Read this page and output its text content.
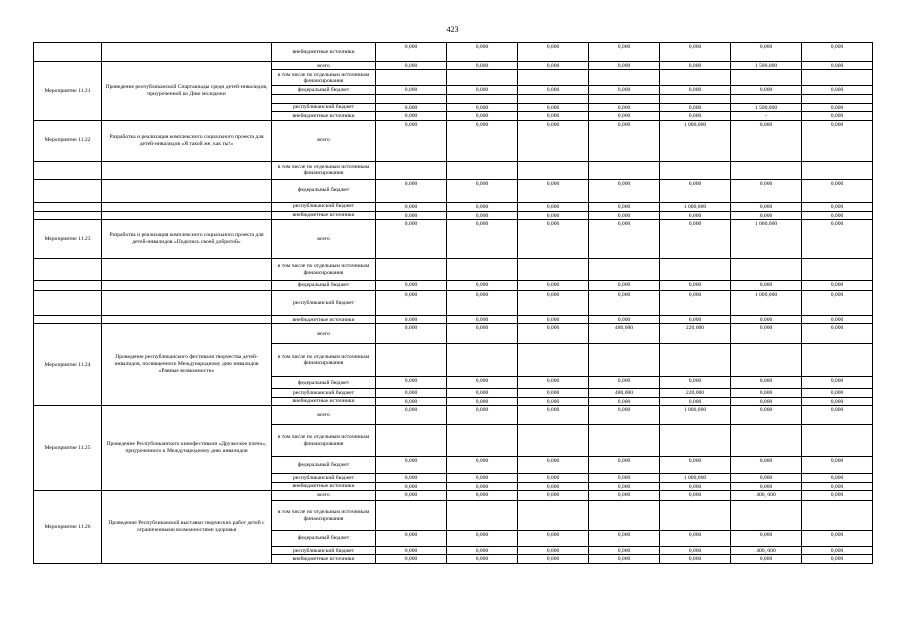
423
		внебюджетные источники	0,000	0,000	0,000	0,000	0,000	0,000	0,000
Мероприятие 11.21	Проведение республиканской Спартакиады среди детей-инвалидов, приуроченной ко Дню молодежи	всего	0,000	0,000	0,000	0,000	0,000	1 500,000	0,000
		в том числе по отдельным источникам финансирования							
		федеральный бюджет	0,000	0,000	0,000	0,000	0,000	0,000	0,000

		республиканский бюджет	0,000	0,000	0,000	0,000	0,000	1 500,000	0,000
		внебюджетные источники	0,000	0,000	0,000	0,000	0,000	-	0,000
Мероприятие 11.22	Разработка и реализация комплексного социального проекта для детей-инвалидов «Я такой же, как ты!»	всего	0,000	0,000	0,000	0,000	1 000,000	0,000	0,000
		в том числе по отдельным источникам финансирования							
		федеральный бюджет	0,000	0,000	0,000	0,000	0,000	0,000	0,000
		республиканский бюджет	0,000	0,000	0,000	0,000	1 000,000	0,000	0,000
		внебюджетные источники	0,000	0,000	0,000	0,000	0,000	0,000	0,000
Мероприятие 11.23	Разработка и реализация комплексного социального проекта для детей-инвалидов «Поделись своей добротой»	всего	0,000	0,000	0,000	0,000	0,000	1 000,000	0,000
		в том числе по отдельным источникам финансирования							
		федеральный бюджет	0,000	0,000	0,000	0,000	0,000	0,000	0,000
		республиканский бюджет	0,000	0,000	0,000	0,000	0,000	1 000,000	0,000
		внебюджетные источники	0,000	0,000	0,000	0,000	0,000	0,000	0,000
Мероприятие 11.24	Проведение республиканского фестиваля творчества детей-инвалидов, посвященного Международному дню инвалидов «Равные возможности»	всего	0,000	0,000	0,000	480,000	220,000	0,000	0,000
		в том числе по отдельным источникам финансирования							
		федеральный бюджет	0,000	0,000	0,000	0,000	0,000	0,000	0,000
		республиканский бюджет	0,000	0,000	0,000	480,000	220,000	0,000	0,000
		внебюджетные источники	0,000	0,000	0,000	0,000	0,000	0,000	0,000
Мероприятие 11.25	Проведение Республиканского кинофестиваля «Дружеское плечо», приуроченного к Международному дню инвалидов	всего	0,000	0,000	0,000	0,000	1 000,000	0,000	0,000
		в том числе по отдельным источникам финансирования							
		федеральный бюджет	0,000	0,000	0,000	0,000	0,000	0,000	0,000
		республиканский бюджет	0,000	0,000	0,000	0,000	1 000,000	0,000	0,000
		внебюджетные источники	0,000	0,000	0,000	0,000	0,000	0,000	0,000
Мероприятие 11.26	Проведение Республиканской выставки творческих работ детей с ограниченными возможностями здоровья	всего	0,000	0,000	0,000	0,000	0,000	400, 000	0,000
		в том числе по отдельным источникам финансирования							
		федеральный бюджет	0,000	0,000	0,000	0,000	0,000	0,000	0,000
		республиканский бюджет	0,000	0,000	0,000	0,000	0,000	400, 000	0,000
		внебюджетные источники	0,000	0,000	0,000	0,000	0,000	0,000	0,000
